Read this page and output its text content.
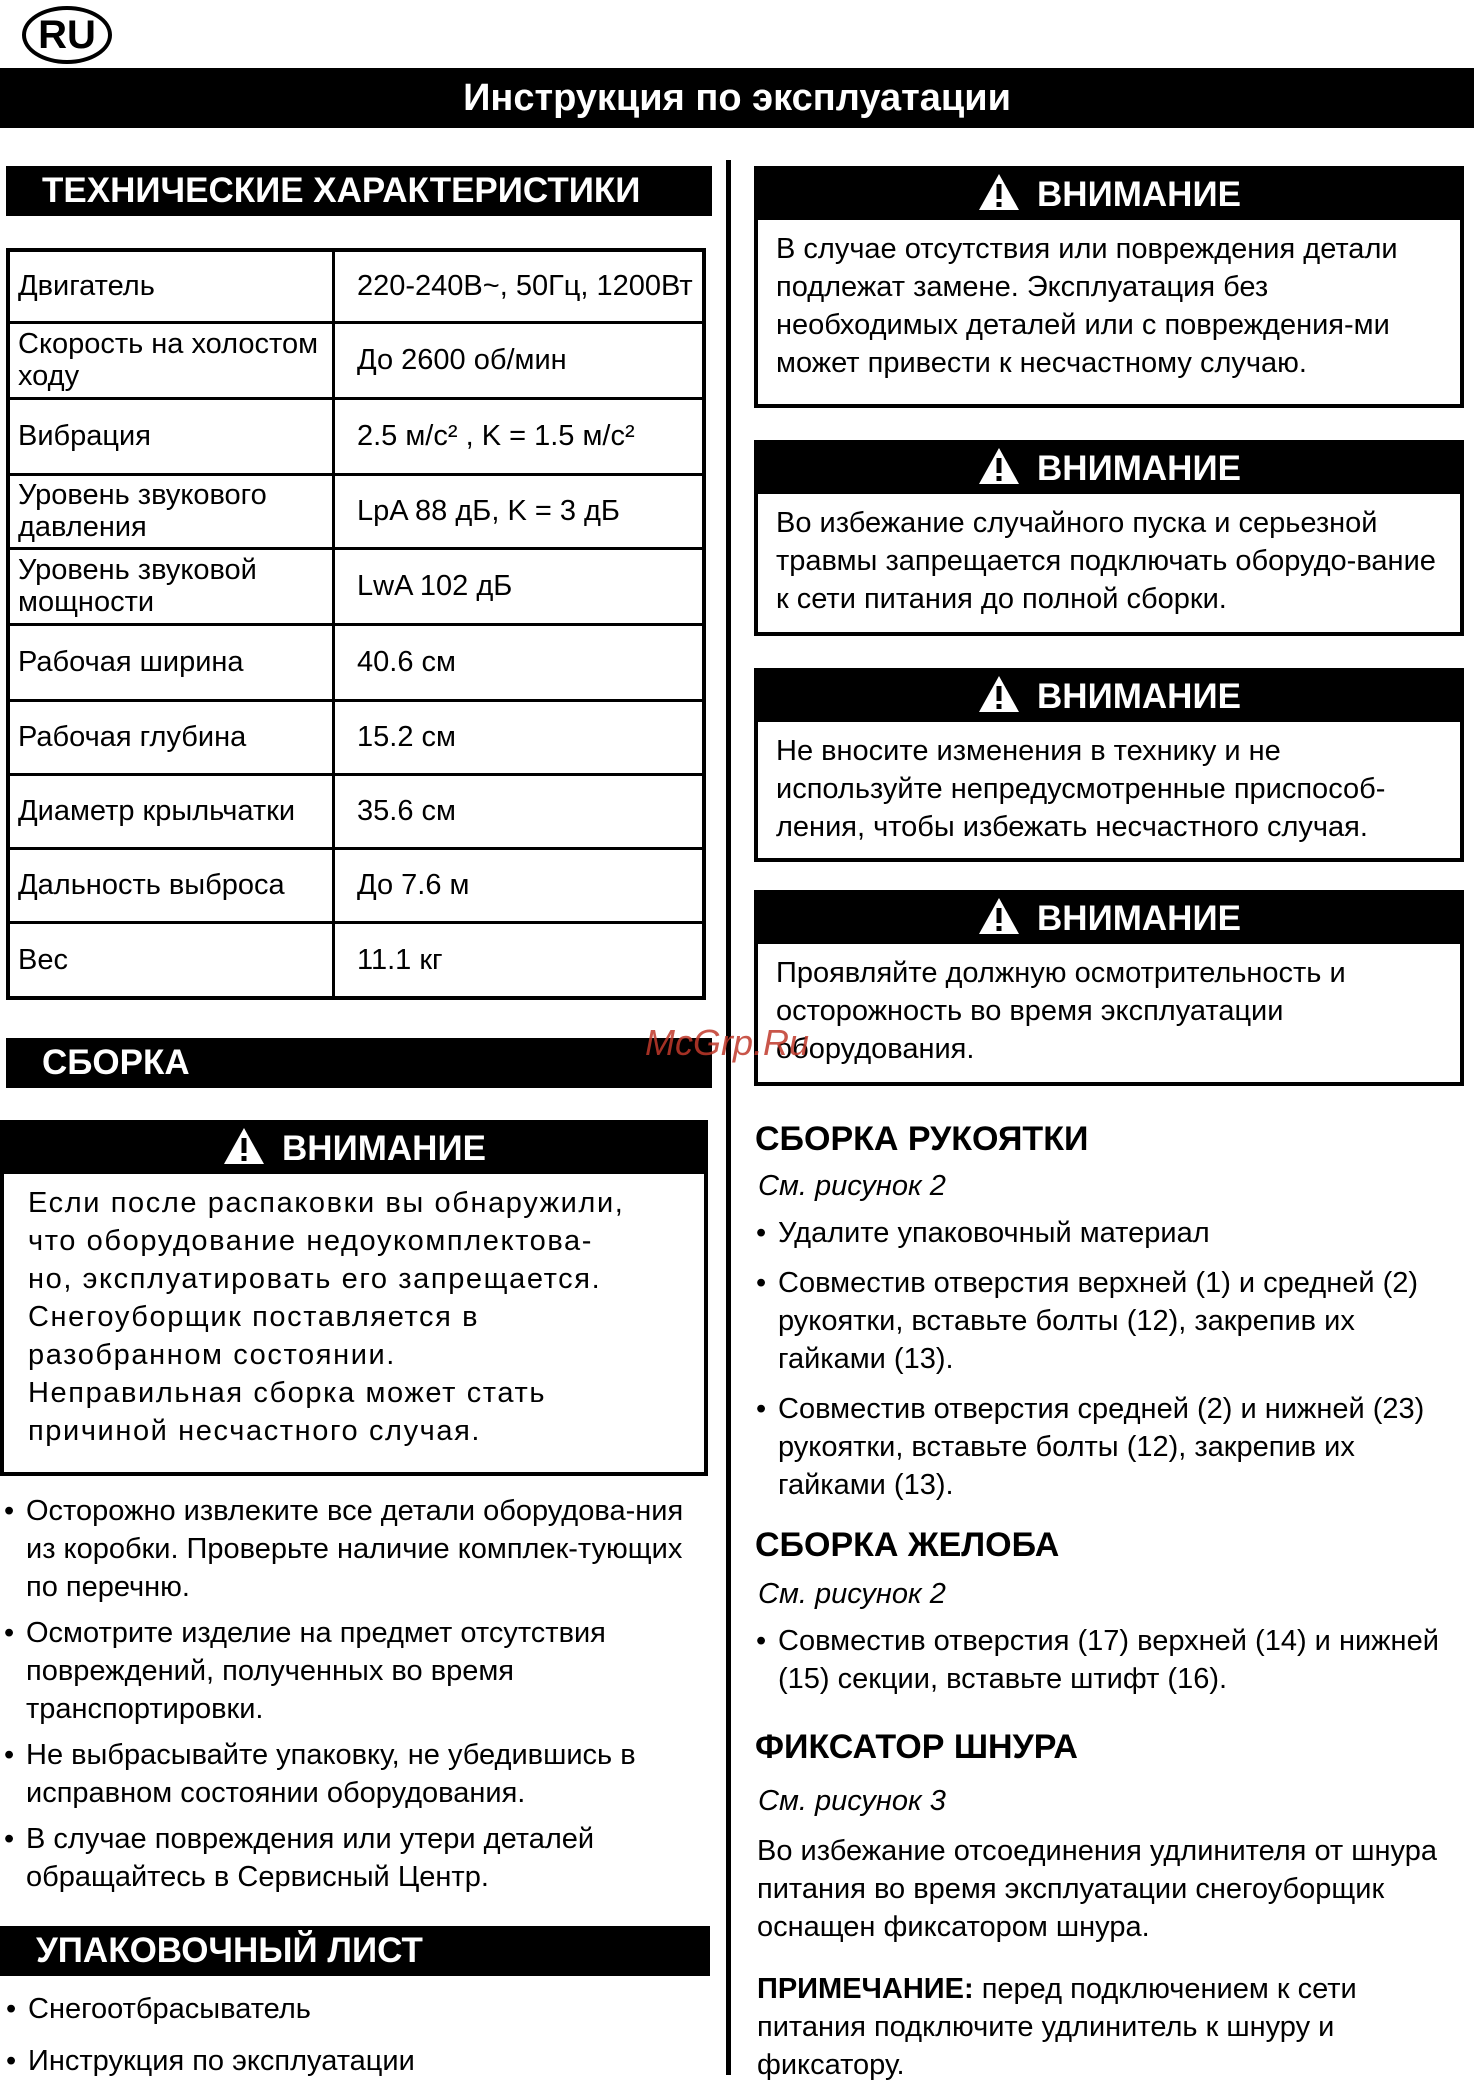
RU
Инструкция по эксплуатации
ТЕХНИЧЕСКИЕ ХАРАКТЕРИСТИКИ
Двигатель	220-240В~, 50Гц, 1200Вт
Скорость на холостом ходу	До 2600 об/мин
Вибрация	2.5 м/с² , K = 1.5 м/с²
Уровень звукового давления	LpA 88 дБ, K = 3 дБ
Уровень звуковой мощности	LwA 102 дБ
Рабочая ширина	40.6 см
Рабочая глубина	15.2 см
Диаметр крыльчатки	35.6 см
Дальность выброса	До 7.6 м
Вес	11.1 кг
СБОРКА
ВНИМАНИЕ
Если после распаковки вы обнаружили,
что оборудование недоукомплектова-
но, эксплуатировать его запрещается.
Снегоуборщик поставляется в
разобранном состоянии.
Неправильная сборка может стать
причиной несчастного случая.
• Осторожно извлеките все детали оборудова-ния из коробки. Проверьте наличие комплек-тующих по перечню.
• Осмотрите изделие на предмет отсутствия повреждений, полученных во время транспортировки.
• Не выбрасывайте упаковку, не убедившись в исправном состоянии оборудования.
• В случае повреждения или утери деталей обращайтесь в Сервисный Центр.
УПАКОВОЧНЫЙ ЛИСТ
• Снегоотбрасыватель
• Инструкция по эксплуатации
ВНИМАНИЕ
В случае отсутствия или повреждения детали подлежат замене. Эксплуатация без необходимых деталей или с повреждения-ми может привести к несчастному случаю.
ВНИМАНИЕ
Во избежание случайного пуска и серьезной травмы запрещается подключать оборудо-вание к сети питания до полной сборки.
ВНИМАНИЕ
Не вносите изменения в технику и не используйте непредусмотренные приспособ-ления, чтобы избежать несчастного случая.
ВНИМАНИЕ
Проявляйте должную осмотрительность и осторожность во время эксплуатации оборудования.
McGrp.Ru
СБОРКА РУКОЯТКИ
См. рисунок 2
• Удалите упаковочный материал
• Совместив отверстия верхней (1) и средней (2) рукоятки, вставьте болты (12), закрепив их гайками (13).
• Совместив отверстия средней (2) и нижней (23) рукоятки, вставьте болты (12), закрепив их гайками (13).
СБОРКА ЖЕЛОБА
См. рисунок 2
• Совместив отверстия (17) верхней (14) и нижней (15) секции, вставьте штифт (16).
ФИКСАТОР ШНУРА
См. рисунок 3
Во избежание отсоединения удлинителя от шнура питания во время эксплуатации снегоуборщик оснащен фиксатором шнура.
ПРИМЕЧАНИЕ: перед подключением к сети питания подключите удлинитель к шнуру и фиксатору.
